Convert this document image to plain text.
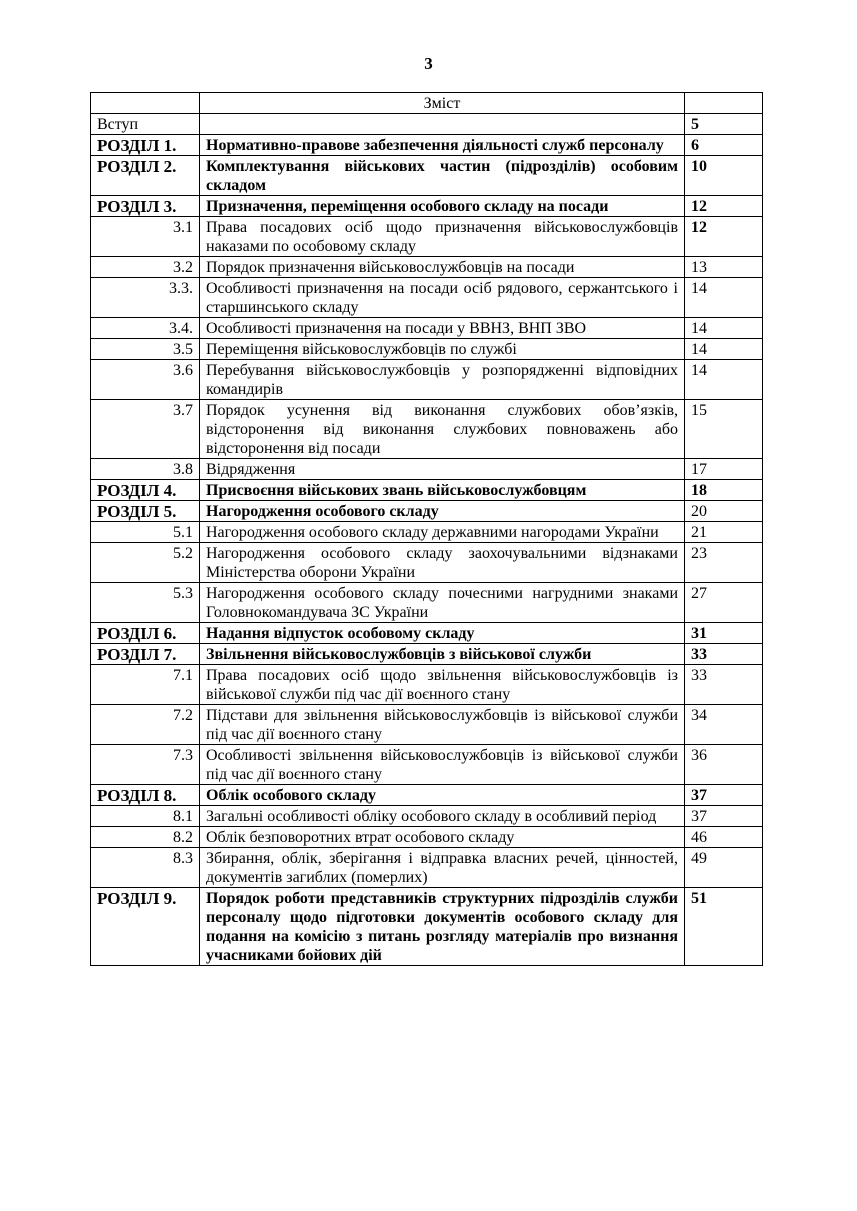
3
	Зміст	
Вступ		5
РОЗДІЛ 1.	Нормативно-правове забезпечення діяльності служб персоналу	6
РОЗДІЛ 2.	Комплектування військових частин (підрозділів) особовим складом	10
РОЗДІЛ 3.	Призначення, переміщення особового складу на посади	12
3.1	Права посадових осіб щодо призначення військовослужбовців наказами по особовому складу	12
3.2	Порядок призначення військовослужбовців на посади	13
3.3.	Особливості призначення на посади осіб рядового, сержантського і старшинського складу	14
3.4.	Особливості призначення на посади у ВВНЗ, ВНП ЗВО	14
3.5	Переміщення військовослужбовців по службі	14
3.6	Перебування військовослужбовців у розпорядженні відповідних командирів	14
3.7	Порядок усунення від виконання службових обов’язків, відсторонення від виконання службових повноважень або відсторонення від посади	15
3.8	Відрядження	17
РОЗДІЛ 4.	Присвоєння військових звань військовослужбовцям	18
РОЗДІЛ 5.	Нагородження особового складу	20
5.1	Нагородження особового складу державними нагородами України	21
5.2	Нагородження особового складу заохочувальними відзнаками Міністерства оборони України	23
5.3	Нагородження особового складу почесними нагрудними знаками Головнокомандувача ЗС України	27
РОЗДІЛ 6.	Надання відпусток особовому складу	31
РОЗДІЛ 7.	Звільнення військовослужбовців з військової служби	33
7.1	Права посадових осіб щодо звільнення військовослужбовців із військової служби під час дії воєнного стану	33
7.2	Підстави для звільнення військовослужбовців із військової служби під час дії воєнного стану	34
7.3	Особливості звільнення військовослужбовців із військової служби під час дії воєнного стану	36
РОЗДІЛ 8.	Облік особового складу	37
8.1	Загальні особливості обліку особового складу в особливий період	37
8.2	Облік безповоротних втрат особового складу	46
8.3	Збирання, облік, зберігання і відправка власних речей, цінностей, документів загиблих (померлих)	49
РОЗДІЛ 9.	Порядок роботи представників структурних підрозділів служби персоналу щодо підготовки документів особового складу для подання на комісію з питань розгляду матеріалів про визнання учасниками бойових дій	51
